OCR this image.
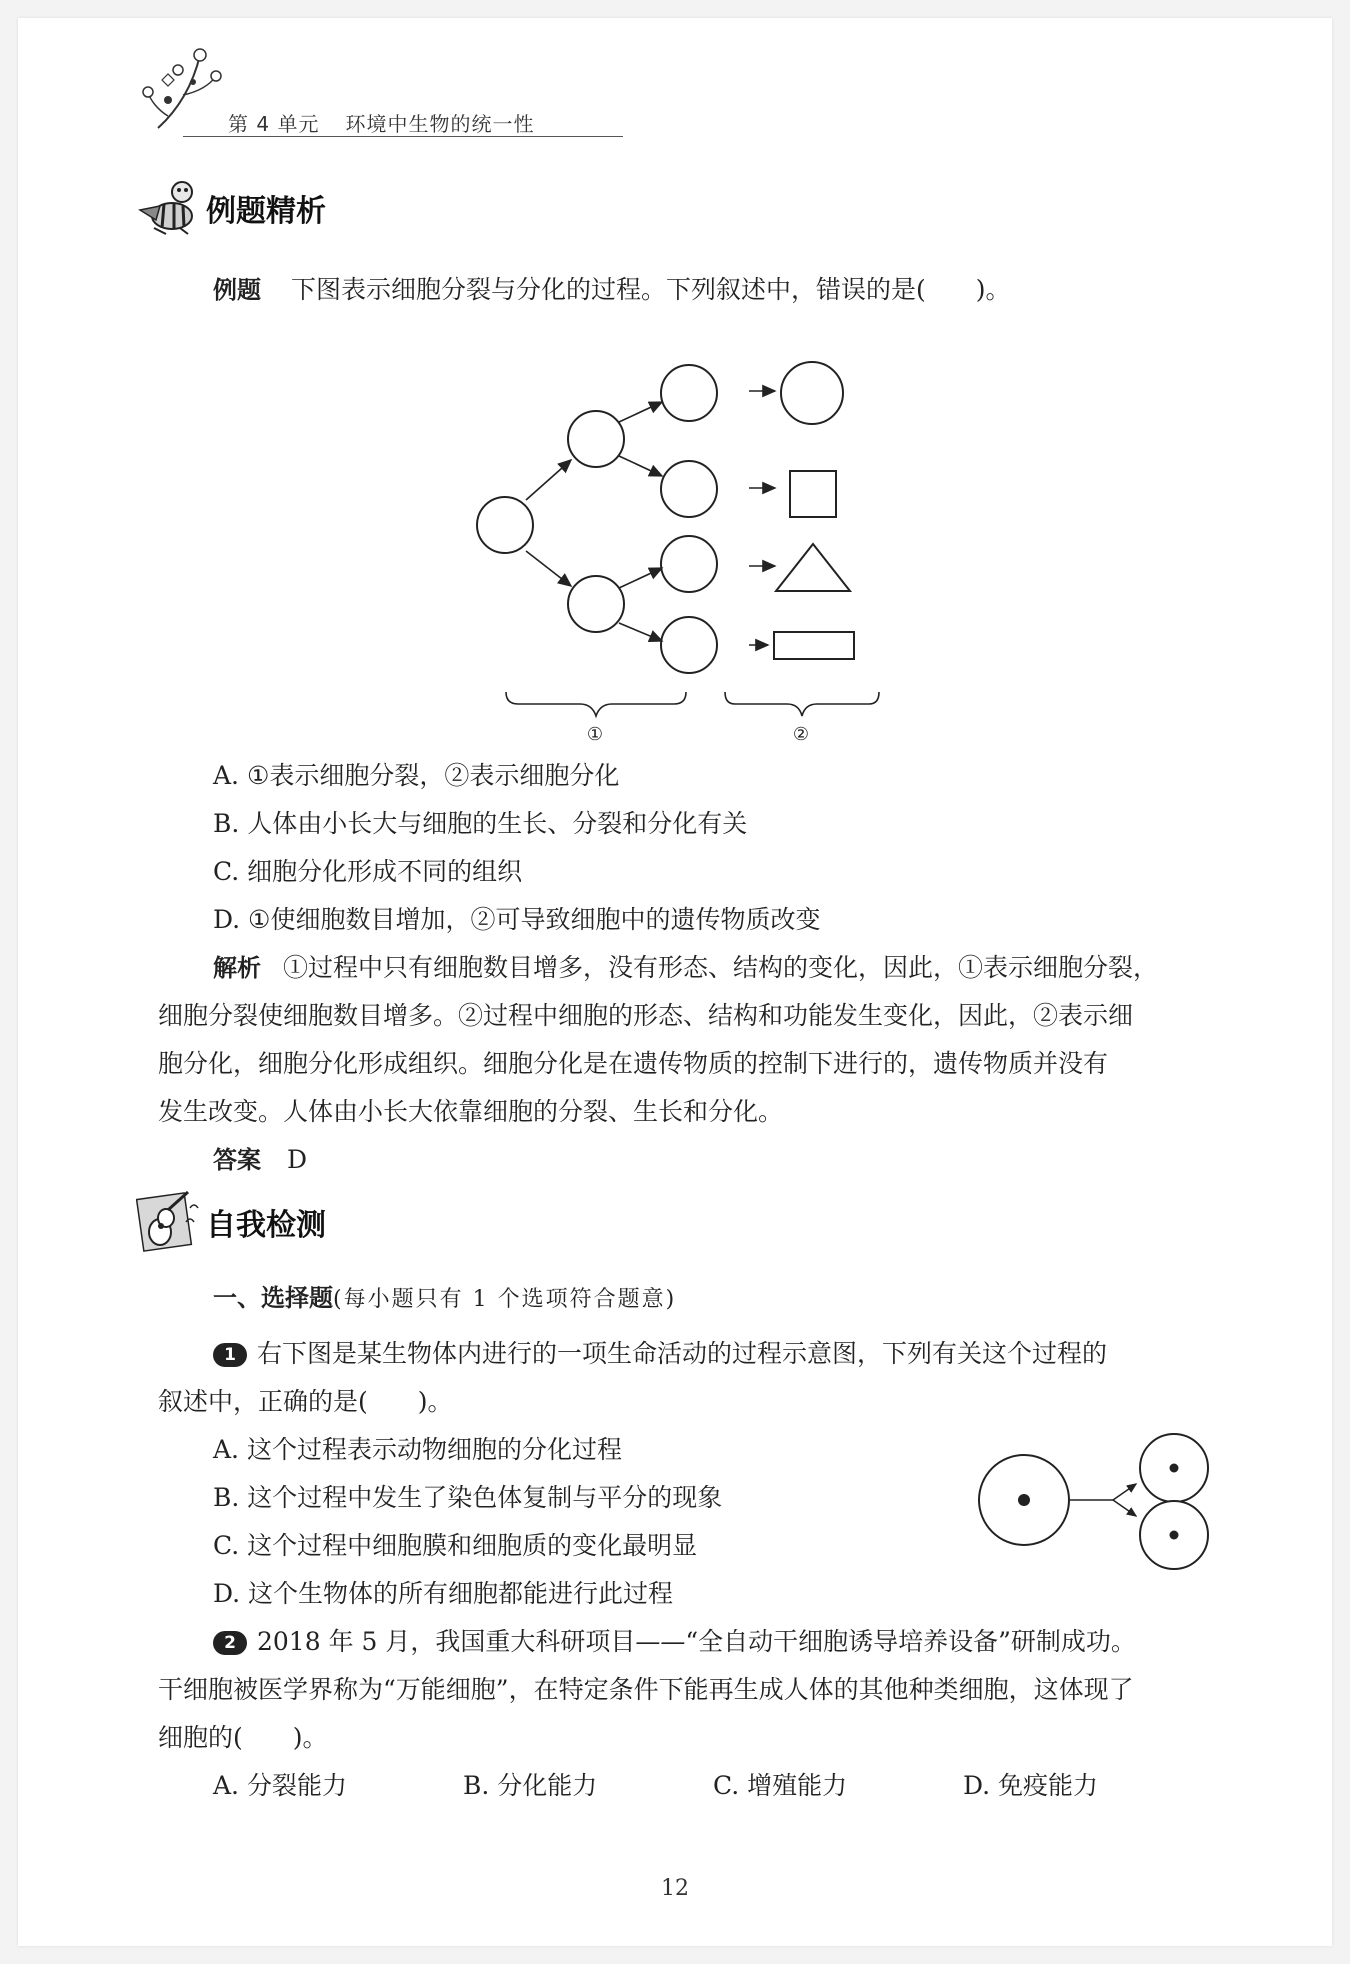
第 4 单元 环境中生物的统一性
例题精析
例题 下图表示细胞分裂与分化的过程。下列叙述中，错误的是(　　)。
①	②
A. ①表示细胞分裂，②表示细胞分化
B. 人体由小长大与细胞的生长、分裂和分化有关
C. 细胞分化形成不同的组织
D. ①使细胞数目增加，②可导致细胞中的遗传物质改变
解析 ①过程中只有细胞数目增多，没有形态、结构的变化，因此，①表示细胞分裂，
细胞分裂使细胞数目增多。②过程中细胞的形态、结构和功能发生变化，因此，②表示细
胞分化，细胞分化形成组织。细胞分化是在遗传物质的控制下进行的，遗传物质并没有
发生改变。人体由小长大依靠细胞的分裂、生长和分化。
答案 D
自我检测
一、选择题(每小题只有 1 个选项符合题意)
1 右下图是某生物体内进行的一项生命活动的过程示意图，下列有关这个过程的
叙述中，正确的是(　　)。
A. 这个过程表示动物细胞的分化过程
B. 这个过程中发生了染色体复制与平分的现象
C. 这个过程中细胞膜和细胞质的变化最明显
D. 这个生物体的所有细胞都能进行此过程
2 2018 年 5 月，我国重大科研项目——“全自动干细胞诱导培养设备”研制成功。
干细胞被医学界称为“万能细胞”，在特定条件下能再生成人体的其他种类细胞，这体现了
细胞的(　　)。
A. 分裂能力	B. 分化能力	C. 增殖能力	D. 免疫能力
12
